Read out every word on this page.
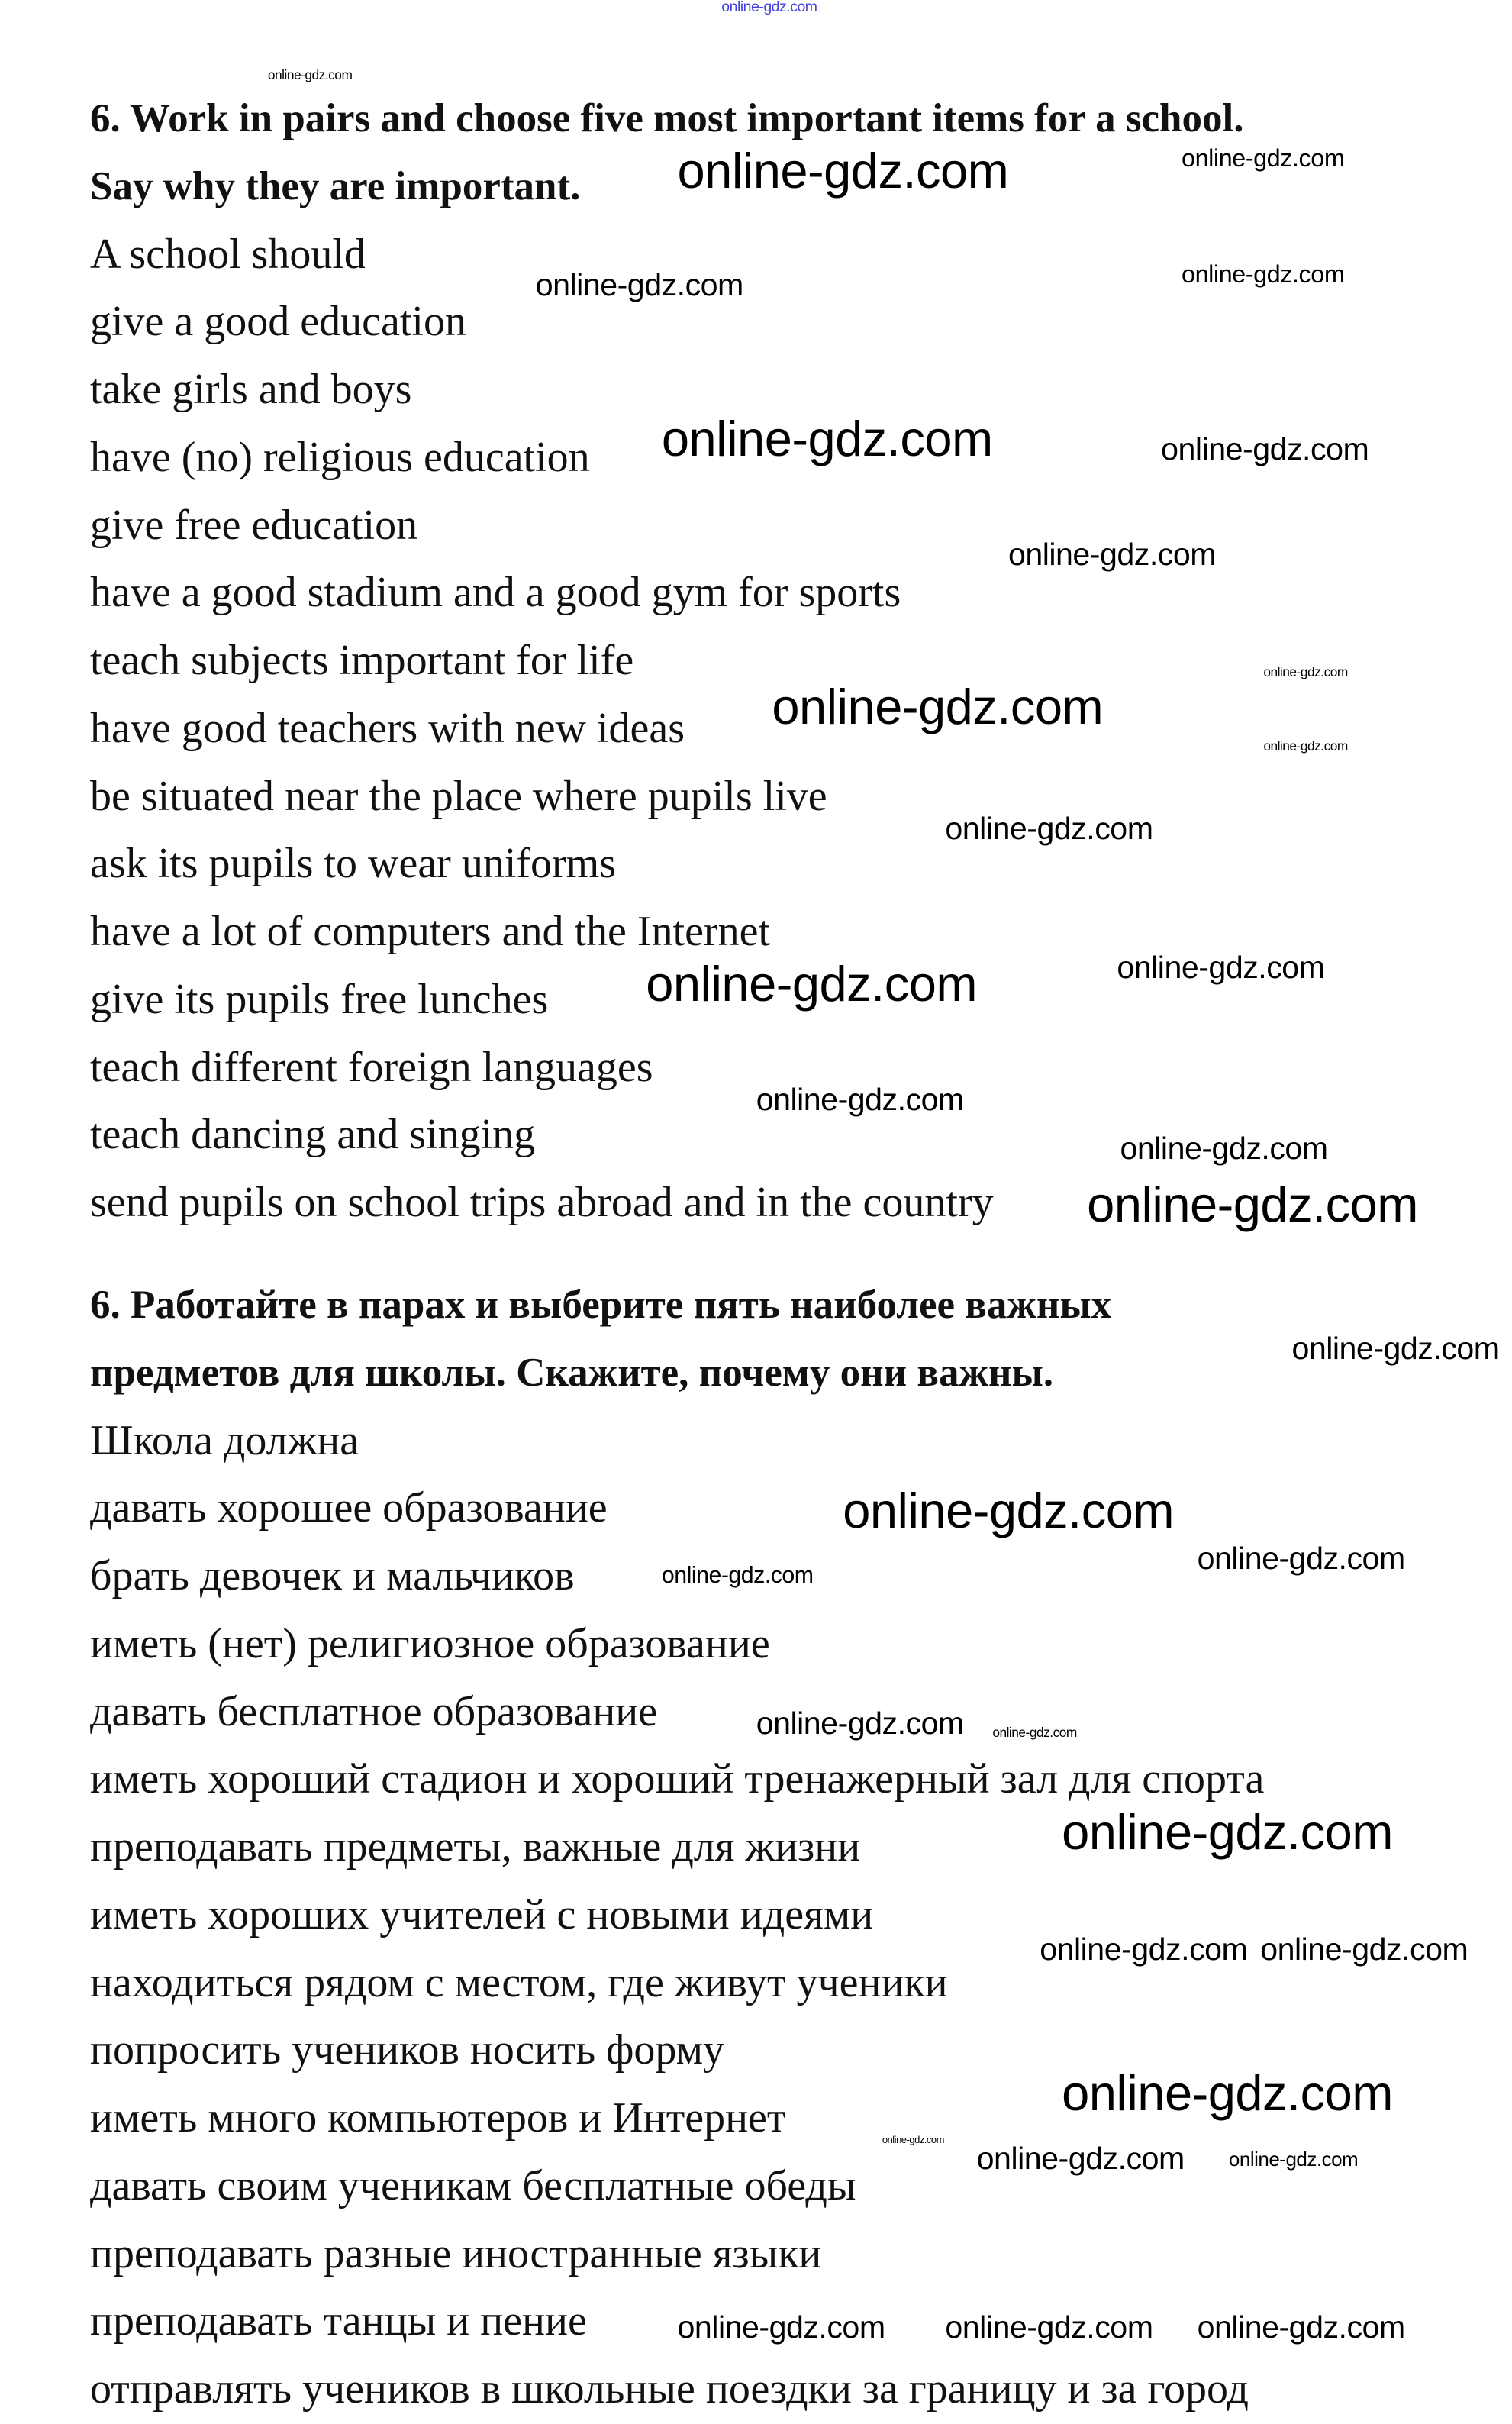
6. Work in pairs and choose five most important items for a school.
Say why they are important.
A school should
give a good education
take girls and boys
have (no) religious education
give free education
have a good stadium and a good gym for sports
teach subjects important for life
have good teachers with new ideas
be situated near the place where pupils live
ask its pupils to wear uniforms
have a lot of computers and the Internet
give its pupils free lunches
teach different foreign languages
teach dancing and singing
send pupils on school trips abroad and in the country
6. Работайте в парах и выберите пять наиболее важных
предметов для школы. Скажите, почему они важны.
Школа должна
давать хорошее образование
брать девочек и мальчиков
иметь (нет) религиозное образование
давать бесплатное образование
иметь хороший стадион и хороший тренажерный зал для спорта
преподавать предметы, важные для жизни
иметь хороших учителей с новыми идеями
находиться рядом с местом, где живут ученики
попросить учеников носить форму
иметь много компьютеров и Интернет
давать своим ученикам бесплатные обеды
преподавать разные иностранные языки
преподавать танцы и пение
отправлять учеников в школьные поездки за границу и за город
online-gdz.com
online-gdz.com
online-gdz.com
online-gdz.com
online-gdz.com	online-gdz.com
online-gdz.com	online-gdz.com
online-gdz.com
online-gdz.com
online-gdz.com
online-gdz.com
online-gdz.com
online-gdz.com	online-gdz.com
online-gdz.com
online-gdz.com
online-gdz.com
online-gdz.com
online-gdz.com
online-gdz.com
online-gdz.com
online-gdz.com online-gdz.com
online-gdz.com
online-gdz.com online-gdz.com
online-gdz.com
online-gdz.com
online-gdz.com online-gdz.com
online-gdz.com online-gdz.com online-gdz.com
